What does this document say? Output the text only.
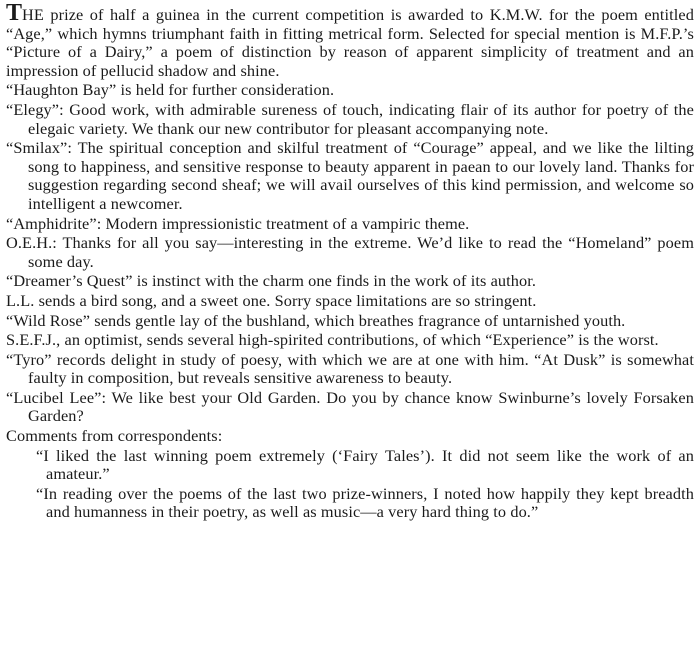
THE prize of half a guinea in the current competition is awarded to K.M.W. for the poem entitled “Age,” which hymns triumphant faith in fitting metrical form. Selected for special mention is M.F.P.’s “Picture of a Dairy,” a poem of distinction by reason of apparent simplicity of treatment and an impression of pellucid shadow and shine.

“Haughton Bay” is held for further consideration.

“Elegy”: Good work, with admirable sureness of touch, indicating flair of its author for poetry of the elegaic variety. We thank our new contributor for pleasant accompanying note.

“Smilax”: The spiritual conception and skilful treatment of “Courage” appeal, and we like the lilting song to happiness, and sensitive response to beauty apparent in paean to our lovely land. Thanks for suggestion regarding second sheaf; we will avail ourselves of this kind permission, and welcome so intelligent a newcomer.

“Amphidrite”: Modern impressionistic treatment of a vampiric theme.

O.E.H.: Thanks for all you say—interesting in the extreme. We’d like to read the “Homeland” poem some day.

“Dreamer’s Quest” is instinct with the charm one finds in the work of its author.

L.L. sends a bird song, and a sweet one. Sorry space limitations are so stringent.

“Wild Rose” sends gentle lay of the bushland, which breathes fragrance of untarnished youth.

S.E.F.J., an optimist, sends several high-spirited contributions, of which “Experience” is the worst.

“Tyro” records delight in study of poesy, with which we are at one with him. “At Dusk” is somewhat faulty in composition, but reveals sensitive awareness to beauty.

“Lucibel Lee”: We like best your Old Garden. Do you by chance know Swinburne’s lovely Forsaken Garden?

Comments from correspondents:

“I liked the last winning poem extremely (‘Fairy Tales’). It did not seem like the work of an amateur.”

“In reading over the poems of the last two prize-winners, I noted how happily they kept breadth and humanness in their poetry, as well as music—a very hard thing to do.”
